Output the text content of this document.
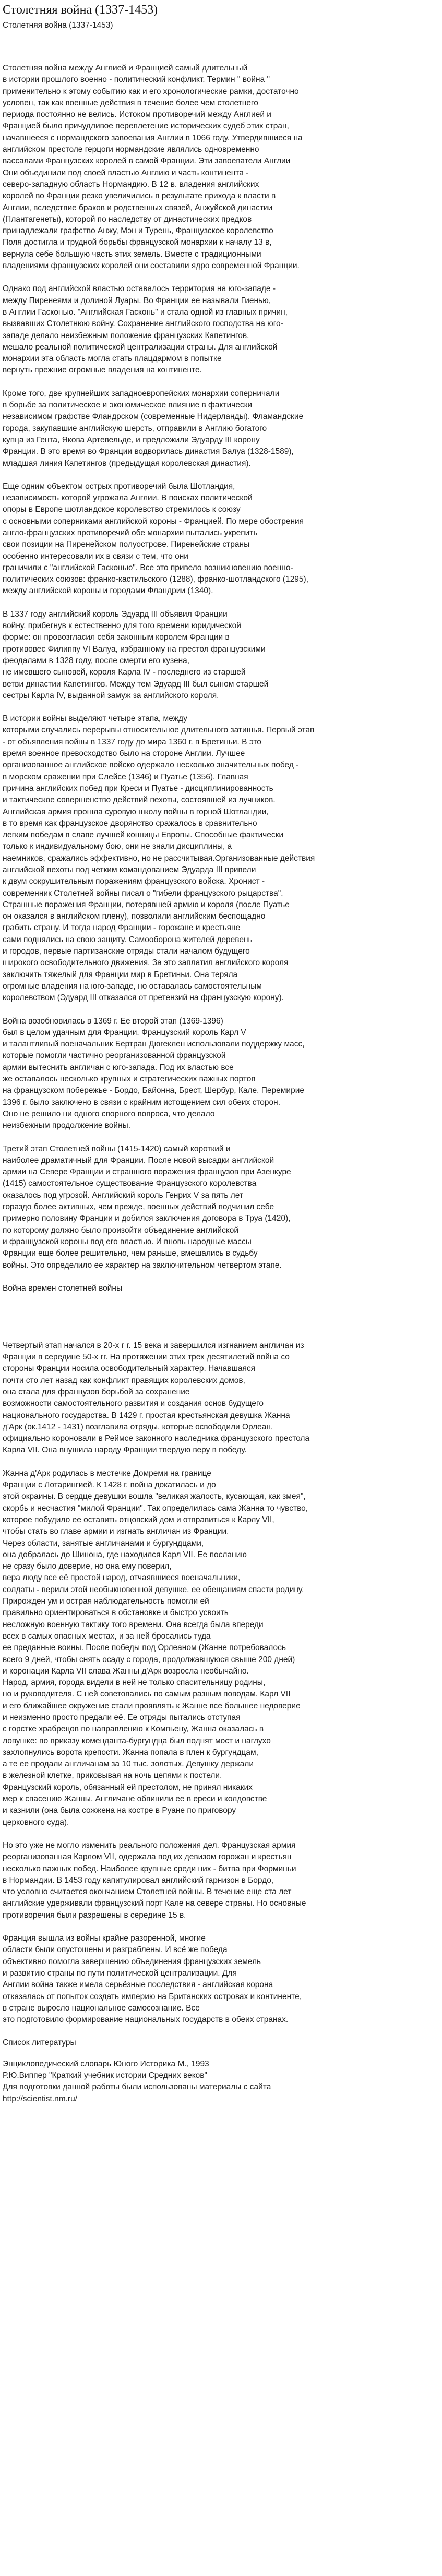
Столетняя война (1337-1453)
Столетняя война (1337-1453)

Столетняя война между Англией и Францией самый длительный
в истории прошлого военно - политический конфликт. Термин " война "
применительно к этому событию как и его хронологические рамки, достаточно
условен, так как военные действия в течение более чем столетнего
периода постоянно не велись. Истоком противоречий между Англией и
Францией было причудливое переплетение исторических судеб этих стран,
начавшееся с нормандского завоевания Англии в 1066 году. Утвердившиеся на
английском престоле герцоги нормандские являлись одновременно
вассалами Французских королей в самой Франции. Эти завоеватели Англии
Они объединили под своей властью Англию и часть континента -
северо-западную область Нормандию. В 12 в. владения английских
королей во Франции резко увеличились в результате прихода к власти в
Англии, вследствие браков и родственных связей, Анжуйской династии
(Плантагенеты), которой по наследству от династических предков
принадлежали графство Анжу, Мэн и Турень, Французское королевство
Поля достигла и трудной борьбы французской монархии к началу 13 в,
вернула себе большую часть этих земель. Вместе с традиционными
владениями французских королей они составили ядро современной Франции.

Однако под английской властью оставалось территория на юго-западе -
между Пиренеями и долиной Луары. Во Франции ее называли Гиенью,
в Англии Гасконью. "Английская Гасконь" и стала одной из главных причин,
вызвавших Столетнюю войну. Сохранение английского господства на юго-
западе делало неизбежным положение французских Капетингов,
мешало реальной политической централизации страны. Для английской
монархии эта область могла стать плацдармом в попытке
вернуть прежние огромные владения на континенте.

Кроме того, две крупнейших западноевропейских монархии соперничали
в борьбе за политическое и экономическое влияние в фактически
независимом графстве Фландрском (современные Нидерланды). Фламандские
города, закупавшие английскую шерсть, отправили в Англию богатого
купца из Гента, Якова Артевельде, и предложили Эдуарду III корону
Франции. В это время во Франции водворилась династия Валуа (1328-1589),
младшая линия Капетингов (предыдущая королевская династия).

Еще одним объектом острых противоречий была Шотландия,
независимость которой угрожала Англии. В поисках политической
опоры в Европе шотландское королевство стремилось к союзу
с основными соперниками английской короны - Францией. По мере обострения
англо-французских противоречий обе монархии пытались укрепить
свои позиции на Пиренейском полуострове. Пиренейские страны
особенно интересовали их в связи с тем, что они
граничили с "английской Гасконью". Все это привело возникновению военно-
политических союзов: франко-кастильского (1288), франко-шотландского (1295),
между английской короны и городами Фландрии (1340).

В 1337 году английский король Эдуард III объявил Франции
войну, прибегнув к естественно для того времени юридической
форме: он провозгласил себя законным королем Франции в
противовес Филиппу VI Валуа, избранному на престол французскими
феодалами в 1328 году, после смерти его кузена,
не имевшего сыновей, короля Карла IV - последнего из старшей
ветви династии Капетингов. Между тем Эдуард III был сыном старшей
сестры Карла IV, выданной замуж за английского короля.

В истории войны выделяют четыре этапа, между
которыми случались перерывы относительное длительного затишья. Первый этап
- от объявления войны в 1337 году до мира 1360 г. в Бретиньи. В это
время военное превосходство было на стороне Англии. Лучшее
организованное английское войско одержало несколько значительных побед -
в морском сражении при Слейсе (1346) и Пуатье (1356). Главная
причина английских побед при Креси и Пуатье - дисциплинированность
и тактическое совершенство действий пехоты, состоявшей из лучников.
Английская армия прошла суровую школу войны в горной Шотландии,
в то время как французское дворянство сражалось в сравнительно
легким победам в славе лучшей конницы Европы. Способные фактически
только к индивидуальному бою, они не знали дисциплины, а
наемников, сражались эффективно, но не рассчитывая.Организованные действия
английской пехоты под четким командованием Эдуарда III привели
к двум сокрушительным поражениям французского войска. Хронист -
современник Столетней войны писал о "гибели французского рыцарства".
Страшные поражения Франции, потерявшей армию и короля (после Пуатье
он оказался в английском плену), позволили английским беспощадно
грабить страну. И тогда народ Франции - горожане и крестьяне
сами поднялись на свою защиту. Самооборона жителей деревень
и городов, первые партизанские отряды стали началом будущего
широкого освободительного движения. За это заплатил английского короля
заключить тяжелый для Франции мир в Бретиньи. Она теряла
огромные владения на юго-западе, но оставалась самостоятельным
королевством (Эдуард III отказался от претензий на французскую корону).

Война возобновилась в 1369 г. Ее второй этап (1369-1396)
был в целом удачным для Франции. Французский король Карл V
и талантливый военачальник Бертран Дюгеклен использовали поддержку масс,
которые помогли частично реорганизованной французской
армии вытеснить англичан с юго-запада. Под их властью все
же оставалось несколько крупных и стратегических важных портов
на французском побережье - Бордо, Байонна, Брест, Шербур, Кале. Перемирие
1396 г. было заключено в связи с крайним истощением сил обеих сторон.
Оно не решило ни одного спорного вопроса, что делало
неизбежным продолжение войны.

Третий этап Столетней войны (1415-1420) самый короткий и
наиболее драматичный для Франции. После новой высадки английской
армии на Севере Франции и страшного поражения французов при Азенкуре
(1415) самостоятельное существование Французского королевства
оказалось под угрозой. Английский король Генрих V за пять лет
гораздо более активных, чем прежде, военных действий подчинил себе
примерно половину Франции и добился заключения договора в Труа (1420),
по которому должно было произойти объединение английской
и французской короны под его властью. И вновь народные массы
Франции еще более решительно, чем раньше, вмешались в судьбу
войны. Это определило ее характер на заключительном четвертом этапе.

Война времен столетней войны

Четвертый этап начался в 20-х г г. 15 века и завершился изгнанием англичан из
Франции в середине 50-х гг. На протяжении этих трех десятилетий война со
стороны Франции носила освободительный характер. Начавшаяся
почти сто лет назад как конфликт правящих королевских домов,
она стала для французов борьбой за сохранение
возможности самостоятельного развития и создания основ будущего
национального государства. В 1429 г. простая крестьянская девушка Жанна
д'Арк (ок.1412 - 1431) возглавила отряды, которые освободили Орлеан,
официально короновали в Реймсе законного наследника французского престола
Карла VII. Она внушила народу Франции твердую веру в победу.

Жанна д'Арк родилась в местечке Домреми на границе
Франции с Лотарингией. К 1428 г. война докатилась и до
этой окраины. В сердце девушки вошла "великая жалость, кусающая, как змея",
скорбь и несчастия "милой Франции". Так определилась сама Жанна то чувство,
которое побудило ее оставить отцовский дом и отправиться к Карлу VII,
чтобы стать во главе армии и изгнать англичан из Франции.
Через области, занятые англичанами и бургундцами,
она добралась до Шинона, где находился Карл VII. Ее посланию
не сразу было доверие, но она ему поверил,
вера люду все её простой народ, отчаявшиеся военачальники,
солдаты - верили этой необыкновенной девушке, ее обещаниям спасти родину.
Прирожден ум и острая наблюдательность помогли ей
правильно ориентироваться в обстановке и быстро усвоить
несложную военную тактику того времени. Она всегда была впереди
всех в самых опасных местах, и за ней бросались туда
ее преданные воины. После победы под Орлеаном (Жанне потребовалось
всего 9 дней, чтобы снять осаду с города, продолжавшуюся свыше 200 дней)
и коронации Карла VII слава Жанны д'Арк возросла необычайно.
Народ, армия, города видели в ней не только спасительницу родины,
но и руководителя. С ней советовались по самым разным поводам. Карл VII
и его ближайшее окружение стали проявлять к Жанне все большее недоверие
и неизменно просто предали её. Ее отряды пытались отступая
с горстке храбрецов по направлению к Компьену, Жанна оказалась в
ловушке: по приказу коменданта-бургундца был поднят мост и наглухо
захлопнулись ворота крепости. Жанна попала в плен к бургундцам,
а те ее продали англичанам за 10 тыс. золотых. Девушку держали
в железной клетке, приковывая на ночь цепями к постели.
Французский король, обязанный ей престолом, не принял никаких
мер к спасению Жанны. Англичане обвинили ее в ереси и колдовстве
и казнили (она была сожжена на костре в Руане по приговору
церковного суда).

Но это уже не могло изменить реального положения дел. Французская армия
реорганизованная Карлом VII, одержала под их девизом горожан и крестьян
несколько важных побед. Наиболее крупные среди них - битва при Форминьи
в Нормандии. В 1453 году капитулировал английский гарнизон в Бордо,
что условно считается окончанием Столетней войны. В течение еще ста лет
английские удерживали французский порт Кале на севере страны. Но основные
противоречия были разрешены в середине 15 в.

Франция вышла из войны крайне разоренной, многие
области были опустошены и разграблены. И всё же победа
объективно помогла завершению объединения французских земель
и развитию страны по пути политической централизации. Для
Англии война также имела серьёзные последствия - английская корона
отказалась от попыток создать империю на Британских островах и континенте,
в стране выросло национальное самосознание. Все
это подготовило формирование национальных государств в обеих странах.

Список литературы

Энциклопедический словарь Юного Историка М., 1993

Р.Ю.Виппер "Краткий учебник истории Средних веков"

Для подготовки данной работы были использованы материалы с сайта
http://scientist.nm.ru/
